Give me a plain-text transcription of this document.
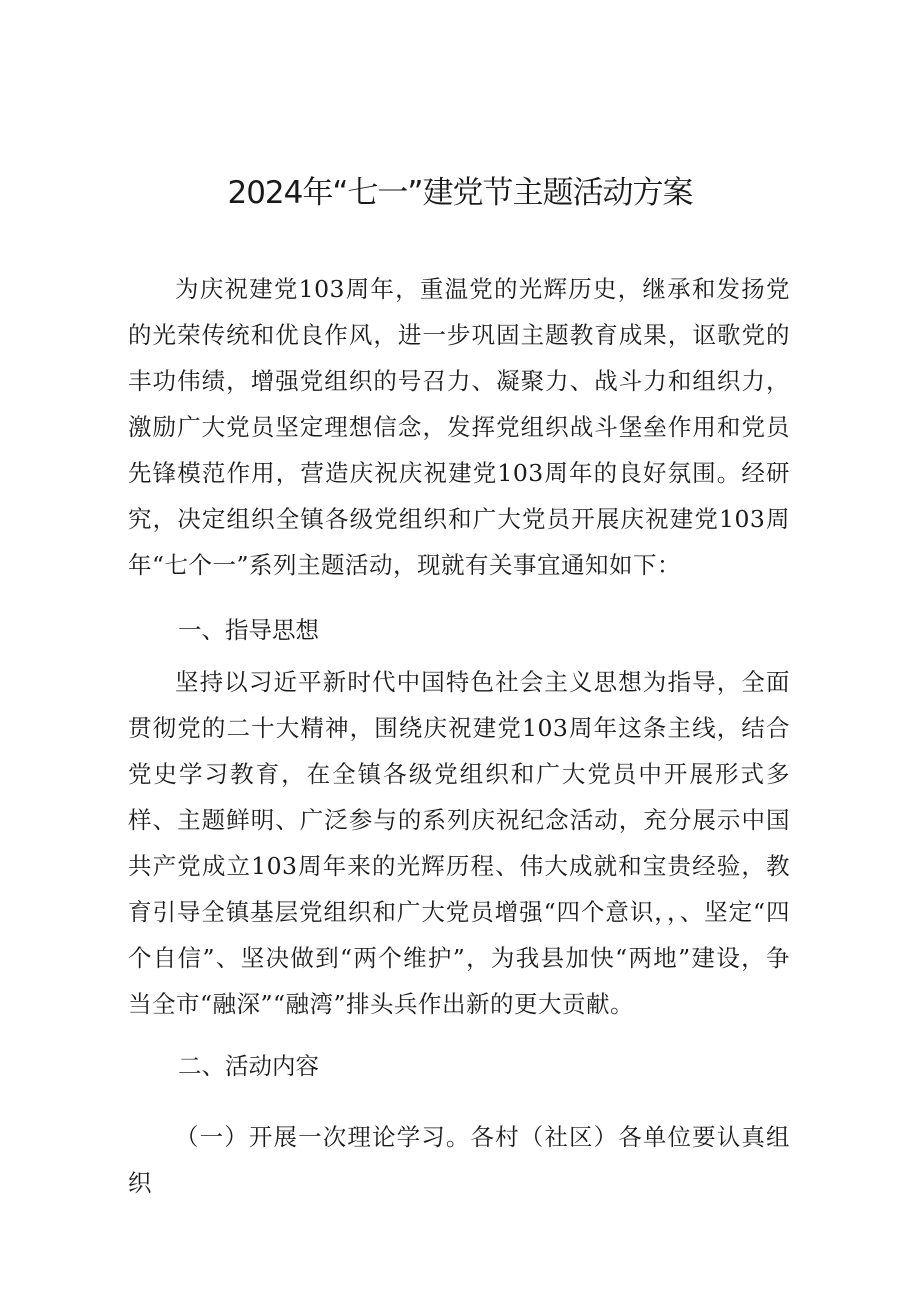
2024年“七一”建党节主题活动方案

为庆祝建党103周年，重温党的光辉历史，继承和发扬党的光荣传统和优良作风，进一步巩固主题教育成果，讴歌党的丰功伟绩，增强党组织的号召力、凝聚力、战斗力和组织力，激励广大党员坚定理想信念，发挥党组织战斗堡垒作用和党员先锋模范作用，营造庆祝庆祝建党103周年的良好氛围。经研究，决定组织全镇各级党组织和广大党员开展庆祝建党103周年“七个一”系列主题活动，现就有关事宜通知如下：

一、指导思想

坚持以习近平新时代中国特色社会主义思想为指导，全面贯彻党的二十大精神，围绕庆祝建党103周年这条主线，结合党史学习教育，在全镇各级党组织和广大党员中开展形式多样、主题鲜明、广泛参与的系列庆祝纪念活动，充分展示中国共产党成立103周年来的光辉历程、伟大成就和宝贵经验，教育引导全镇基层党组织和广大党员增强“四个意识，，、坚定“四个自信”、坚决做到“两个维护”，为我县加快“两地”建设，争当全市“融深”“融湾”排头兵作出新的更大贡献。

二、活动内容

（一）开展一次理论学习。各村（社区）各单位要认真组织
